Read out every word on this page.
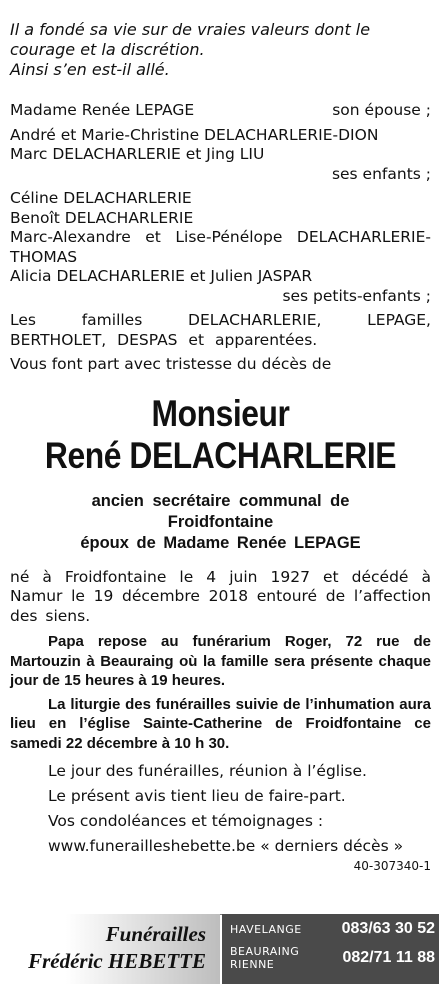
Il a fondé sa vie sur de vraies valeurs dont le

courage et la discrétion.

Ainsi s’en est-il allé.

Madame Renée LEPAGE	son épouse ;
André et Marie-Christine DELACHARLERIE-DION
Marc DELACHARLERIE et Jing LIU
ses enfants ;
Céline DELACHARLERIE
Benoît DELACHARLERIE
Marc-Alexandre et Lise-Pénélope DELACHARLERIE-THOMAS
Alicia DELACHARLERIE et Julien JASPAR
ses petits-enfants ;
Les familles DELACHARLERIE, LEPAGE, BERTHOLET, DESPAS et apparentées.
Vous font part avec tristesse du décès de
Monsieur
René DELACHARLERIE
ancien secrétaire communal de
Froidfontaine
époux de Madame Renée LEPAGE
né à Froidfontaine le 4 juin 1927 et décédé à Namur le 19 décembre 2018 entouré de l’affection des siens.
Papa repose au funérarium Roger, 72 rue de Martouzin à Beauraing où la famille sera présente chaque jour de 15 heures à 19 heures.
La liturgie des funérailles suivie de l’inhumation aura lieu en l’église Sainte-Catherine de Froidfontaine ce samedi 22 décembre à 10 h 30.
Le jour des funérailles, réunion à l’église.
Le présent avis tient lieu de faire-part.
Vos condoléances et témoignages :
www.funerailleshebette.be « derniers décès »
40-307340-1
Funérailles
Frédéric HEBETTE
HAVELANGE 083/63 30 52
BEAURAING
RIENNE	082/71 11 88
